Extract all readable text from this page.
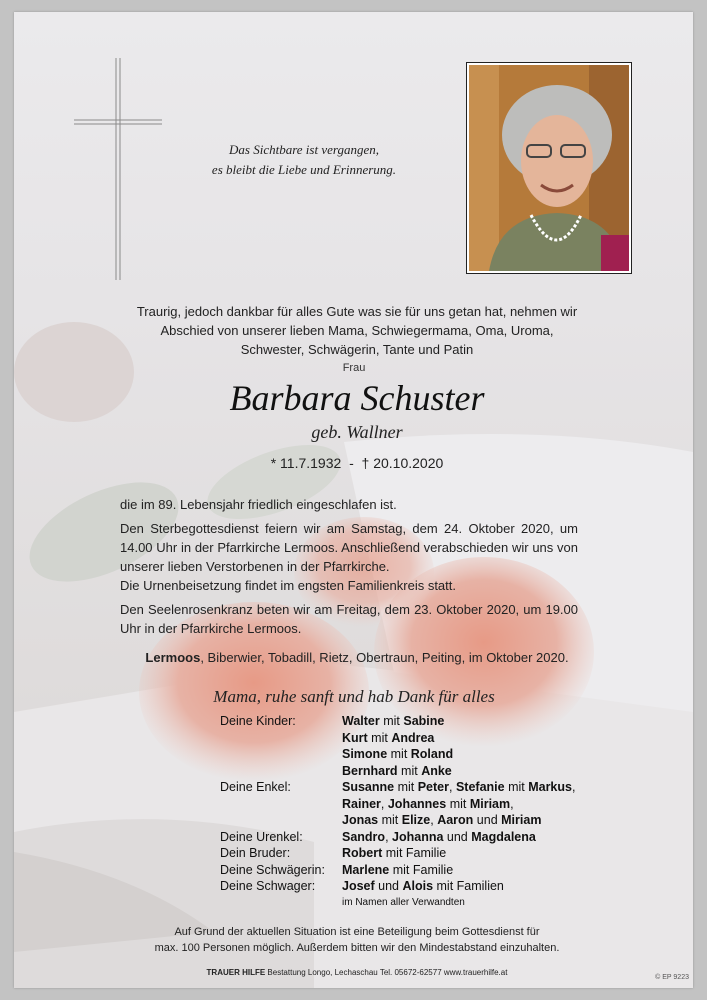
Das Sichtbare ist vergangen,
es bleibt die Liebe und Erinnerung.
Traurig, jedoch dankbar für alles Gute was sie für uns getan hat, nehmen wir
Abschied von unserer lieben Mama, Schwiegermama, Oma, Uroma,
Schwester, Schwägerin, Tante und Patin
Frau
Barbara Schuster
geb. Wallner
* 11.7.1932 - † 20.10.2020
die im 89. Lebensjahr friedlich eingeschlafen ist.
Den Sterbegottesdienst feiern wir am Samstag, dem 24. Oktober 2020, um 14.00 Uhr in der Pfarrkirche Lermoos. Anschließend verabschieden wir uns von unserer lieben Verstorbenen in der Pfarrkirche.
Die Urnenbeisetzung findet im engsten Familienkreis statt.
Den Seelenrosenkranz beten wir am Freitag, dem 23. Oktober 2020, um 19.00 Uhr in der Pfarrkirche Lermoos.
Lermoos, Biberwier, Tobadill, Rietz, Obertraun, Peiting, im Oktober 2020.
Mama, ruhe sanft und hab Dank für alles
Deine Kinder:	Walter mit Sabine
Kurt mit Andrea
Simone mit Roland
Bernhard mit Anke
Deine Enkel:	Susanne mit Peter, Stefanie mit Markus,
Rainer, Johannes mit Miriam,
Jonas mit Elize, Aaron und Miriam
Deine Urenkel:	Sandro, Johanna und Magdalena
Dein Bruder:	Robert mit Familie
Deine Schwägerin:	Marlene mit Familie
Deine Schwager:	Josef und Alois mit Familien
im Namen aller Verwandten
Auf Grund der aktuellen Situation ist eine Beteiligung beim Gottesdienst für
max. 100 Personen möglich. Außerdem bitten wir den Mindestabstand einzuhalten.
TRAUER HILFE Bestattung Longo, Lechaschau Tel. 05672-62577 www.trauerhilfe.at
© EP 9223
